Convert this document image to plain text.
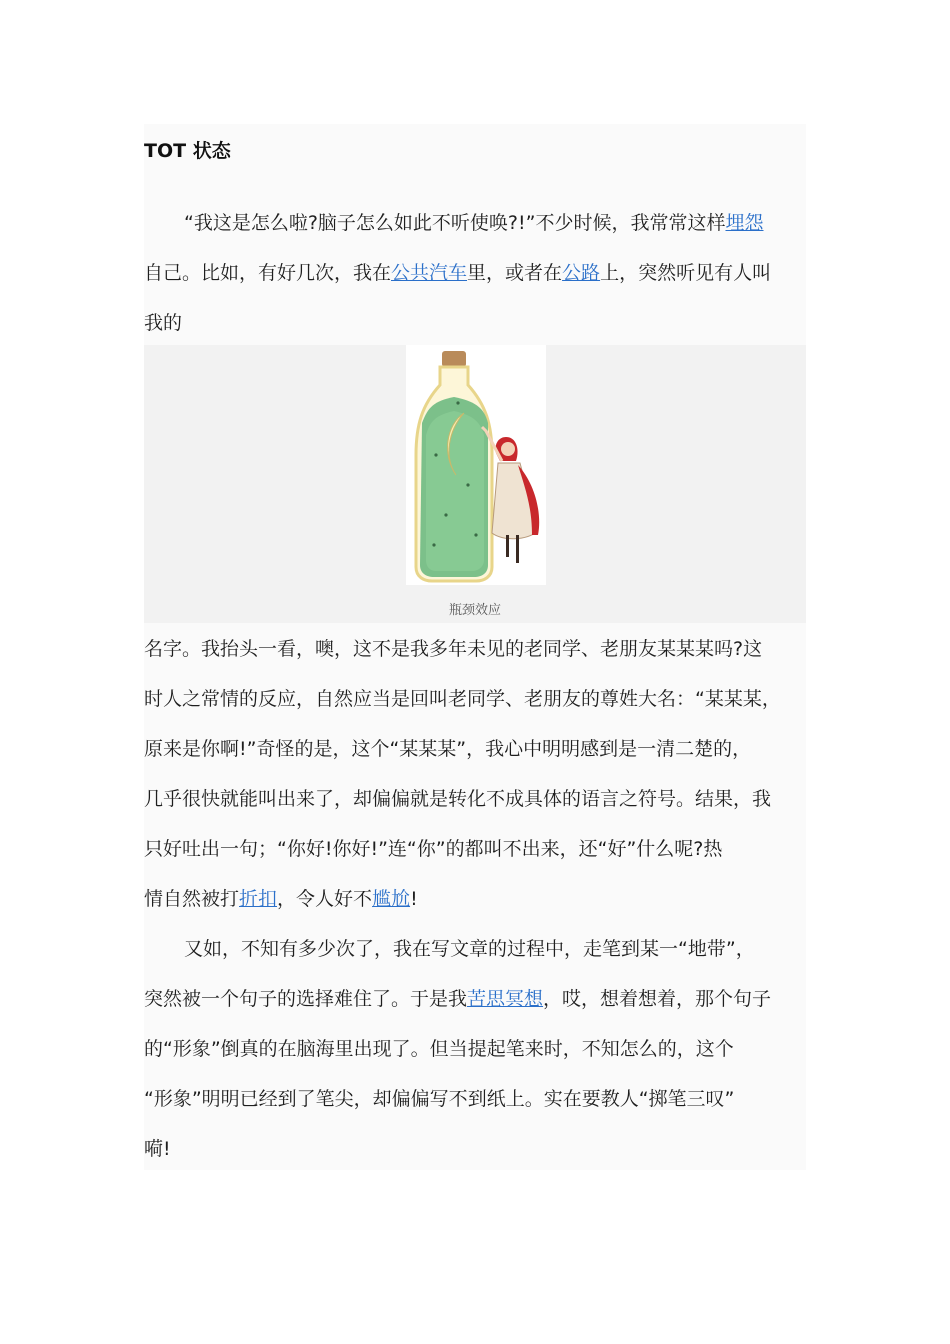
TOT 状态
“我这是怎么啦?脑子怎么如此不听使唤?!”不少时候，我常常这样埋怨
自己。比如，有好几次，我在公共汽车里，或者在公路上，突然听见有人叫
我的
瓶颈效应
名字。我抬头一看，噢，这不是我多年未见的老同学、老朋友某某某吗?这
时人之常情的反应，自然应当是回叫老同学、老朋友的尊姓大名：“某某某，
原来是你啊!”奇怪的是，这个“某某某”，我心中明明感到是一清二楚的，
几乎很快就能叫出来了，却偏偏就是转化不成具体的语言之符号。结果，我
只好吐出一句；“你好!你好!”连“你”的都叫不出来，还“好”什么呢?热
情自然被打折扣，令人好不尴尬!
又如，不知有多少次了，我在写文章的过程中，走笔到某一“地带”，
突然被一个句子的选择难住了。于是我苦思冥想，哎，想着想着，那个句子
的“形象”倒真的在脑海里出现了。但当提起笔来时，不知怎么的，这个
“形象”明明已经到了笔尖，却偏偏写不到纸上。实在要教人“掷笔三叹”
嗬!
